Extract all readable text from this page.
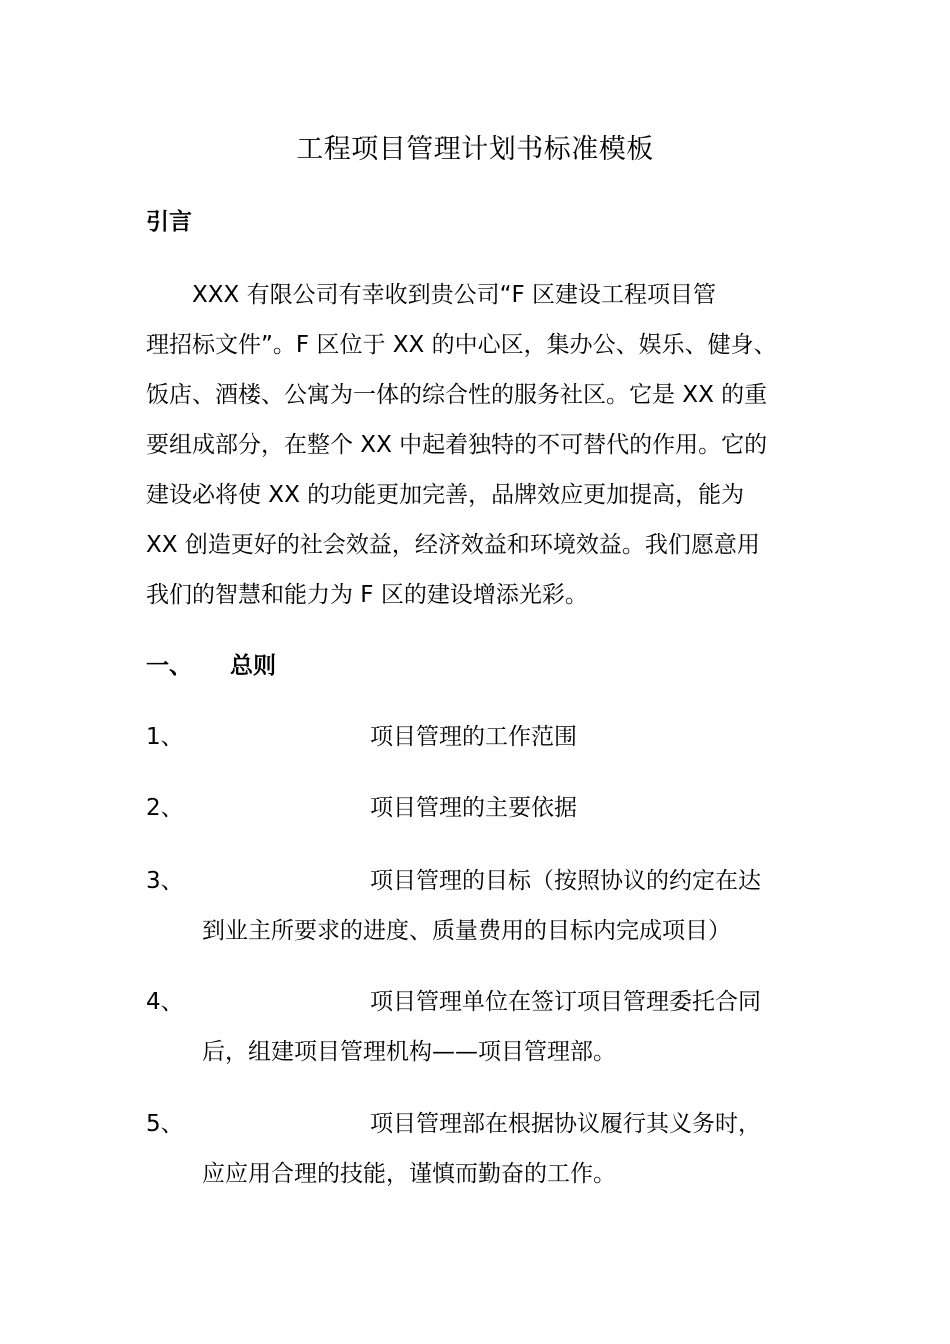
工程项目管理计划书标准模板
引言
XXX 有限公司有幸收到贵公司“F 区建设工程项目管
理招标文件”。F 区位于 XX 的中心区，集办公、娱乐、健身、
饭店、酒楼、公寓为一体的综合性的服务社区。它是 XX 的重
要组成部分，在整个 XX 中起着独特的不可替代的作用。它的
建设必将使 XX 的功能更加完善，品牌效应更加提高，能为
XX 创造更好的社会效益，经济效益和环境效益。我们愿意用
我们的智慧和能力为 F 区的建设增添光彩。
一、 总则
1、	项目管理的工作范围
2、	项目管理的主要依据
3、	项目管理的目标（按照协议的约定在达
到业主所要求的进度、质量费用的目标内完成项目）
4、	项目管理单位在签订项目管理委托合同
后，组建项目管理机构——项目管理部。
5、	项目管理部在根据协议履行其义务时，
应应用合理的技能，谨慎而勤奋的工作。
